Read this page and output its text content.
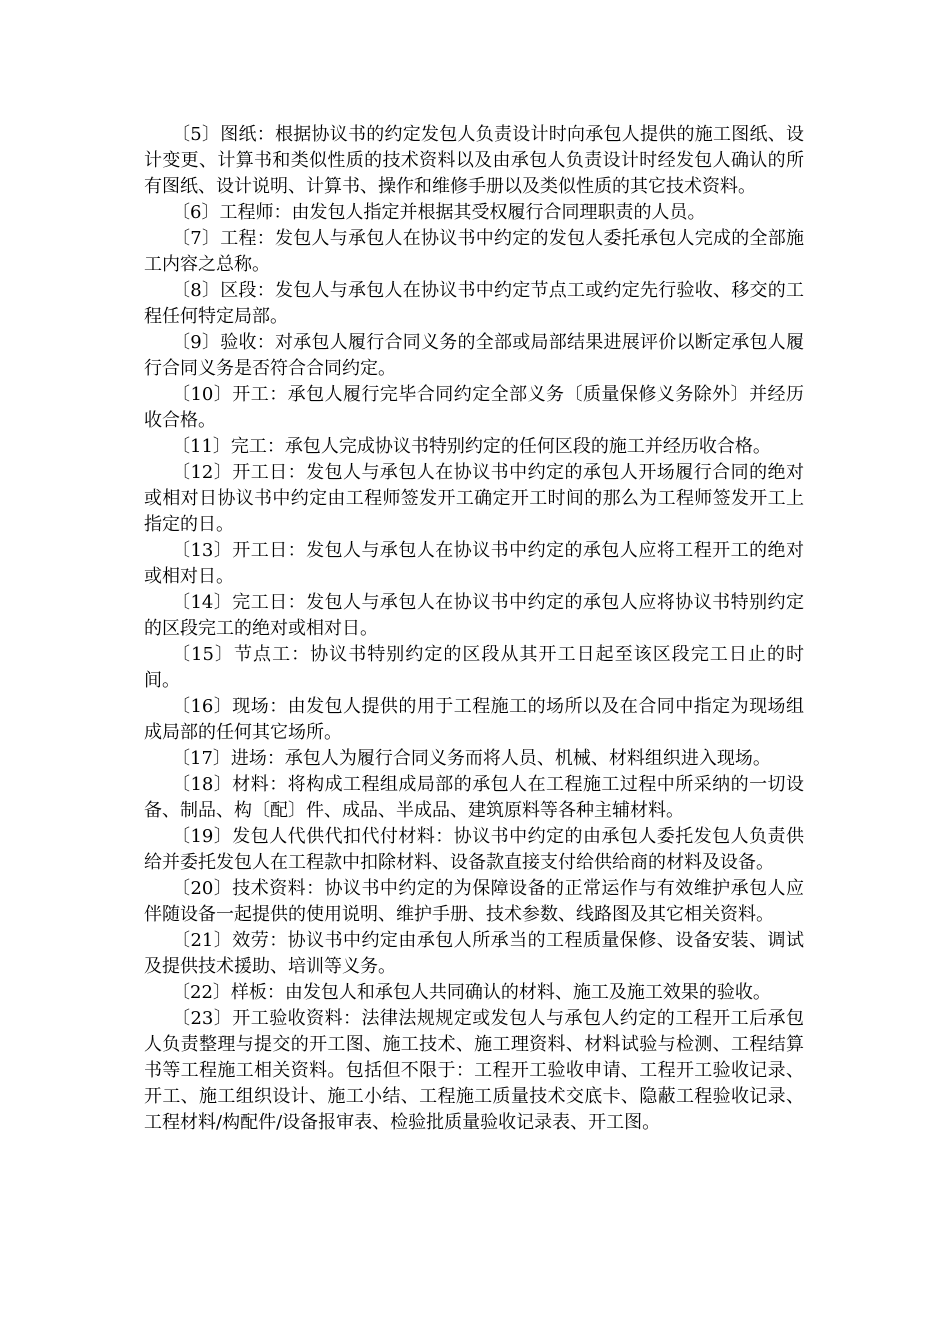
〔5〕图纸：根据协议书的约定发包人负责设计时向承包人提供的施工图纸、设计变更、计算书和类似性质的技术资料以及由承包人负责设计时经发包人确认的所有图纸、设计说明、计算书、操作和维修手册以及类似性质的其它技术资料。

〔6〕工程师：由发包人指定并根据其受权履行合同理职责的人员。

〔7〕工程：发包人与承包人在协议书中约定的发包人委托承包人完成的全部施工内容之总称。

〔8〕区段：发包人与承包人在协议书中约定节点工或约定先行验收、移交的工程任何特定局部。

〔9〕验收：对承包人履行合同义务的全部或局部结果进展评价以断定承包人履行合同义务是否符合合同约定。

〔10〕开工：承包人履行完毕合同约定全部义务〔质量保修义务除外〕并经历收合格。

〔11〕完工：承包人完成协议书特别约定的任何区段的施工并经历收合格。

〔12〕开工日：发包人与承包人在协议书中约定的承包人开场履行合同的绝对或相对日协议书中约定由工程师签发开工确定开工时间的那么为工程师签发开工上指定的日。

〔13〕开工日：发包人与承包人在协议书中约定的承包人应将工程开工的绝对或相对日。

〔14〕完工日：发包人与承包人在协议书中约定的承包人应将协议书特别约定的区段完工的绝对或相对日。

〔15〕节点工：协议书特别约定的区段从其开工日起至该区段完工日止的时间。

〔16〕现场：由发包人提供的用于工程施工的场所以及在合同中指定为现场组成局部的任何其它场所。

〔17〕进场：承包人为履行合同义务而将人员、机械、材料组织进入现场。

〔18〕材料：将构成工程组成局部的承包人在工程施工过程中所采纳的一切设备、制品、构〔配〕件、成品、半成品、建筑原料等各种主辅材料。

〔19〕发包人代供代扣代付材料：协议书中约定的由承包人委托发包人负责供给并委托发包人在工程款中扣除材料、设备款直接支付给供给商的材料及设备。

〔20〕技术资料：协议书中约定的为保障设备的正常运作与有效维护承包人应伴随设备一起提供的使用说明、维护手册、技术参数、线路图及其它相关资料。

〔21〕效劳：协议书中约定由承包人所承当的工程质量保修、设备安装、调试及提供技术援助、培训等义务。

〔22〕样板：由发包人和承包人共同确认的材料、施工及施工效果的验收。

〔23〕开工验收资料：法律法规规定或发包人与承包人约定的工程开工后承包人负责整理与提交的开工图、施工技术、施工理资料、材料试验与检测、工程结算书等工程施工相关资料。包括但不限于：工程开工验收申请、工程开工验收记录、开工、施工组织设计、施工小结、工程施工质量技术交底卡、隐蔽工程验收记录、工程材料/构配件/设备报审表、检验批质量验收记录表、开工图。
